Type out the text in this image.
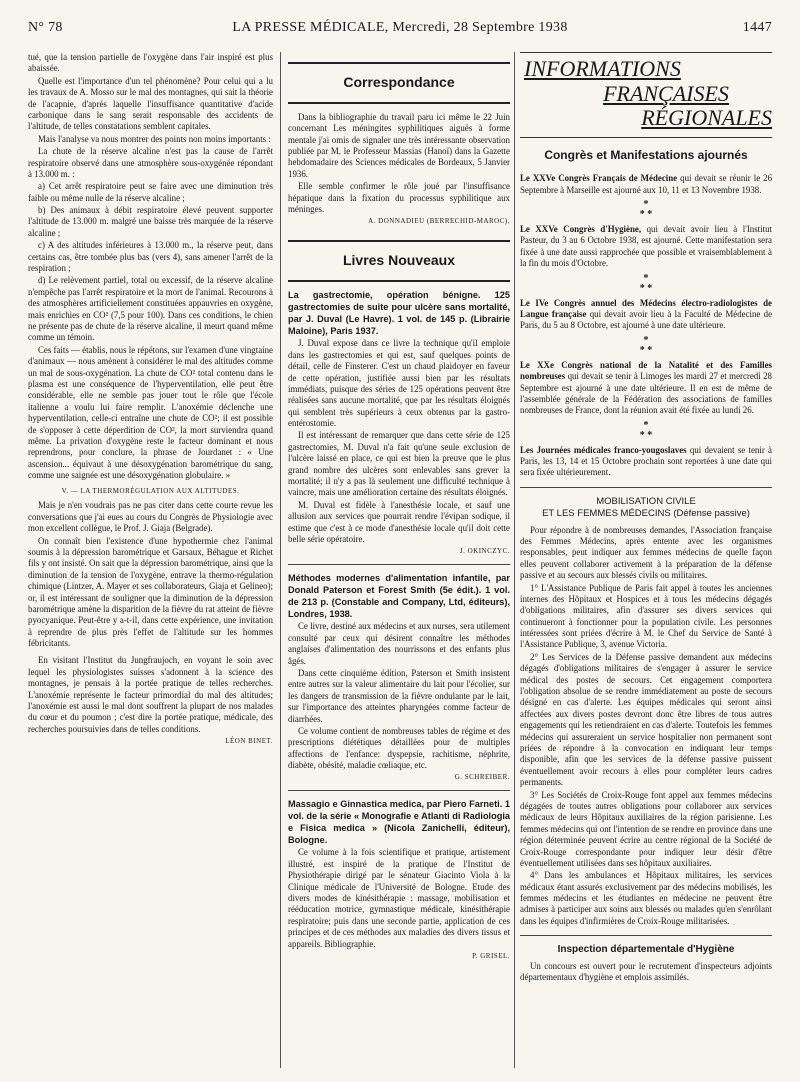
N° 78	LA PRESSE MÉDICALE, Mercredi, 28 Septembre 1938	1447

tué, que la tension partielle de l'oxygène dans l'air inspiré est plus abaissée.

Quelle est l'importance d'un tel phénomène? Pour celui qui a lu les travaux de A. Mosso sur le mal des montagnes, qui sait la théorie de l'acapnie, d'après laquelle l'insuffisance quantitative d'acide carbonique dans le sang serait responsable des accidents de l'altitude, de telles constatations semblent capitales.

Mais l'analyse va nous montrer des points non moins importants :

La chute de la réserve alcaline n'est pas la cause de l'arrêt respiratoire observé dans une atmosphère sous-oxygénée répondant à 13.000 m. :

a) Cet arrêt respiratoire peut se faire avec une diminution très faible ou même nulle de la réserve alcaline ;

b) Des animaux à débit respiratoire élevé peuvent supporter l'altitude de 13.000 m. malgré une baisse très marquée de la réserve alcaline ;

c) A des altitudes inférieures à 13.000 m., la réserve peut, dans certains cas, être tombée plus bas (vers 4), sans amener l'arrêt de la respiration ;

d) Le relèvement partiel, total ou excessif, de la réserve alcaline n'empêche pas l'arrêt respiratoire et la mort de l'animal. Recourons à des atmosphères artificiellement constituées appauvries en oxygène, mais enrichies en CO² (7,5 pour 100). Dans ces conditions, le chien ne présente pas de chute de la réserve alcaline, il meurt quand même comme un témoin.

Ces faits — établis, nous le répétons, sur l'examen d'une vingtaine d'animaux — nous amènent à considérer le mal des altitudes comme un mal de sous-oxygénation. La chute de CO² total contenu dans le plasma est une conséquence de l'hyperventilation, elle peut être considérable, elle ne semble pas jouer tout le rôle que l'école italienne a voulu lui faire remplir. L'anoxémie déclenche une hyperventilation, celle-ci entraîne une chute de CO²; il est possible de s'opposer à cette déperdition de CO², la mort surviendra quand même. La privation d'oxygène reste le facteur dominant et nous reprendrons, pour conclure, la phrase de Jourdanet : « Une ascension... équivaut à une désoxygénation barométrique du sang, comme une saignée est une désoxygénation globulaire. »

V. — LA THERMORÉGULATION AUX ALTITUDES.

Mais je n'en voudrais pas ne pas citer dans cette courte revue les conversations que j'ai eues au cours du Congrès de Physiologie avec mon excellent collègue, le Prof. J. Giaja (Belgrade).

On connaît bien l'existence d'une hypothermie chez l'animal soumis à la dépression barométrique et Garsaux, Béhague et Richet fils y ont insisté. On sait que la dépression barométrique, ainsi que la diminution de la tension de l'oxygène, entrave la thermo-régulation chimique (Lintzer, A. Mayer et ses collaborateurs, Giaja et Gelineo); or, il est intéressant de souligner que la diminution de la dépression barométrique amène la disparition de la fièvre du rat atteint de fièvre pyocyanique. Peut-être y a-t-il, dans cette expérience, une invitation à reprendre de plus près l'effet de l'altitude sur les hommes fébricitants.

En visitant l'Institut du Jungfraujoch, en voyant le soin avec lequel les physiologistes suisses s'adonnent à la science des montagnes, je pensais à la portée pratique de telles recherches. L'anoxémie représente le facteur primordial du mal des altitudes; l'anoxémie est aussi le mal dont souffrent la plupart de nos malades du cœur et du poumon ; c'est dire la portée pratique, médicale, des recherches poursuivies dans de telles conditions.

LÉON BINET.

Correspondance

Dans la bibliographie du travail paru ici même le 22 Juin concernant Les méningites syphilitiques aiguës à forme mentale j'ai omis de signaler une très intéressante observation publiée par M. le Professeur Massias (Hanoï) dans la Gazette hebdomadaire des Sciences médicales de Bordeaux, 5 Janvier 1936.

Elle semble confirmer le rôle joué par l'insuffisance hépatique dans la fixation du processus syphilitique aux méninges.

A. DONNADIEU (BERRECHID-MAROC).

Livres Nouveaux

La gastrectomie, opération bénigne. 125 gastrectomies de suite pour ulcère sans mortalité, par J. Duval (Le Havre). 1 vol. de 145 p. (Librairie Maloine), Paris 1937.

J. Duval expose dans ce livre la technique qu'il emploie dans les gastrectomies et qui est, sauf quelques points de détail, celle de Finsterer. C'est un chaud plaidoyer en faveur de cette opération, justifiée aussi bien par les résultats immédiats, puisque des séries de 125 opérations peuvent être réalisées sans aucune mortalité, que par les résultats éloignés qui semblent très supérieurs à ceux obtenus par la gastro-entérostomie.

Il est intéressant de remarquer que dans cette série de 125 gastrectomies, M. Duval n'a fait qu'une seule exclusion de l'ulcère laissé en place, ce qui est bien la preuve que le plus grand nombre des ulcères sont enlevables sans grever la mortalité; il n'y a pas là seulement une difficulté technique à vaincre, mais une amélioration certaine des résultats éloignés.

M. Duval est fidèle à l'anesthésie locale, et sauf une allusion aux services que pourrait rendre l'évipan sodique, il estime que c'est à ce mode d'anesthésie locale qu'il doit cette belle série opératoire.

J. OKINCZYC.

Méthodes modernes d'alimentation infantile, par Donald Paterson et Forest Smith (5e édit.). 1 vol. de 213 p. (Constable and Company, Ltd, éditeurs), Londres, 1938.

Ce livre, destiné aux médecins et aux nurses, sera utilement consulté par ceux qui désirent connaître les méthodes anglaises d'alimentation des nourrissons et des enfants plus âgés.

Dans cette cinquième édition, Paterson et Smith insistent entre autres sur la valeur alimentaire du lait pour l'écolier, sur les dangers de transmission de la fièvre ondulante par le lait, sur l'importance des atteintes pharyngées comme facteur de diarrhées.

Ce volume contient de nombreuses tables de régime et des prescriptions diététiques détaillées pour de multiples affections de l'enfance: dyspepsie, rachitisme, néphrite, diabète, obésité, maladie cœliaque, etc.

G. SCHREIBER.

Massagio e Ginnastica medica, par Piero Farneti. 1 vol. de la série « Monografie e Atlanti di Radiologia e Fisica medica » (Nicola Zanichelli, éditeur), Bologne.

Ce volume à la fois scientifique et pratique, artistement illustré, est inspiré de la pratique de l'Institut de Physiothérapie dirigé par le sénateur Giacinto Viola à la Clinique médicale de l'Université de Bologne. Etude des divers modes de kinésithérapie : massage, mobilisation et rééducation motrice, gymnastique médicale, kinésithérapie respiratoire; puis dans une seconde partie, application de ces principes et de ces méthodes aux maladies des divers tissus et appareils. Bibliographie.

P. GRISEL.

INFORMATIONS
FRANÇAISES
RÉGIONALES
Congrès et Manifestations ajournés

Le XXVe Congrès Français de Médecine qui devait se réunir le 26 Septembre à Marseille est ajourné aux 10, 11 et 13 Novembre 1938.

*
* *

Le XXVe Congrès d'Hygiène, qui devait avoir lieu à l'Institut Pasteur, du 3 au 6 Octobre 1938, est ajourné. Cette manifestation sera fixée à une date aussi rapprochée que possible et vraisemblablement à la fin du mois d'Octobre.

*
* *

Le IVe Congrès annuel des Médecins électro-radiologistes de Langue française qui devait avoir lieu à la Faculté de Médecine de Paris, du 5 au 8 Octobre, est ajourné à une date ultérieure.

*
* *

Le XXe Congrès national de la Natalité et des Familles nombreuses qui devait se tenir à Limoges les mardi 27 et mercredi 28 Septembre est ajourné à une date ultérieure. Il en est de même de l'assemblée générale de la Fédération des associations de familles nombreuses de France, dont la réunion avait été fixée au lundi 26.

*
* *

Les Journées médicales franco-yougoslaves qui devaient se tenir à Paris, les 13, 14 et 15 Octobre prochain sont reportées à une date qui sera fixée ultérieurement.

MOBILISATION CIVILE
ET LES FEMMES MÉDECINS (Défense passive)

Pour répondre à de nombreuses demandes, l'Association française des Femmes Médecins, après entente avec les organismes responsables, peut indiquer aux femmes médecins de quelle façon elles peuvent collaborer activement à la préparation de la défense passive et au secours aux blessés civils ou militaires.

1° L'Assistance Publique de Paris fait appel à toutes les anciennes internes des Hôpitaux et Hospices et à tous les médecins dégagés d'obligations militaires, afin d'assurer ses divers services qui continueront à fonctionner pour la population civile. Les personnes intéressées sont priées d'écrire à M. le Chef du Service de Santé à l'Assistance Publique, 3, avenue Victoria.

2° Les Services de la Défense passive demandent aux médecins dégagés d'obligations militaires de s'engager à assurer le service médical des postes de secours. Cet engagement comportera l'obligation absolue de se rendre immédiatement au poste de secours désigné en cas d'alerte. Les équipes médicales qui seront ainsi affectées aux divers postes devront donc être libres de tous autres engagements qui les retiendraient en cas d'alerte. Toutefois les femmes médecins qui assureraient un service hospitalier non permanent sont priées de répondre à la convocation en indiquant leur temps disponible, afin que les services de la défense passive puissent éventuellement avoir recours à elles pour compléter leurs cadres permanents.

3° Les Sociétés de Croix-Rouge font appel aux femmes médecins dégagées de toutes autres obligations pour collaborer aux services médicaux de leurs Hôpitaux auxiliaires de la région parisienne. Les femmes médecins qui ont l'intention de se rendre en province dans une région déterminée peuvent écrire au centre régional de la Société de Croix-Rouge correspondante pour indiquer leur désir d'être éventuellement utilisées dans ses hôpitaux auxiliaires.

4° Dans les ambulances et Hôpitaux militaires, les services médicaux étant assurés exclusivement par des médecins mobilisés, les femmes médecins et les étudiantes en médecine ne peuvent être admises à participer aux soins aux blessés ou malades qu'en s'enrôlant dans les équipes d'infirmières de Croix-Rouge militarisées.

Inspection départementale d'Hygiène

Un concours est ouvert pour le recrutement d'inspecteurs adjoints départementaux d'hygiène et emplois assimilés.
